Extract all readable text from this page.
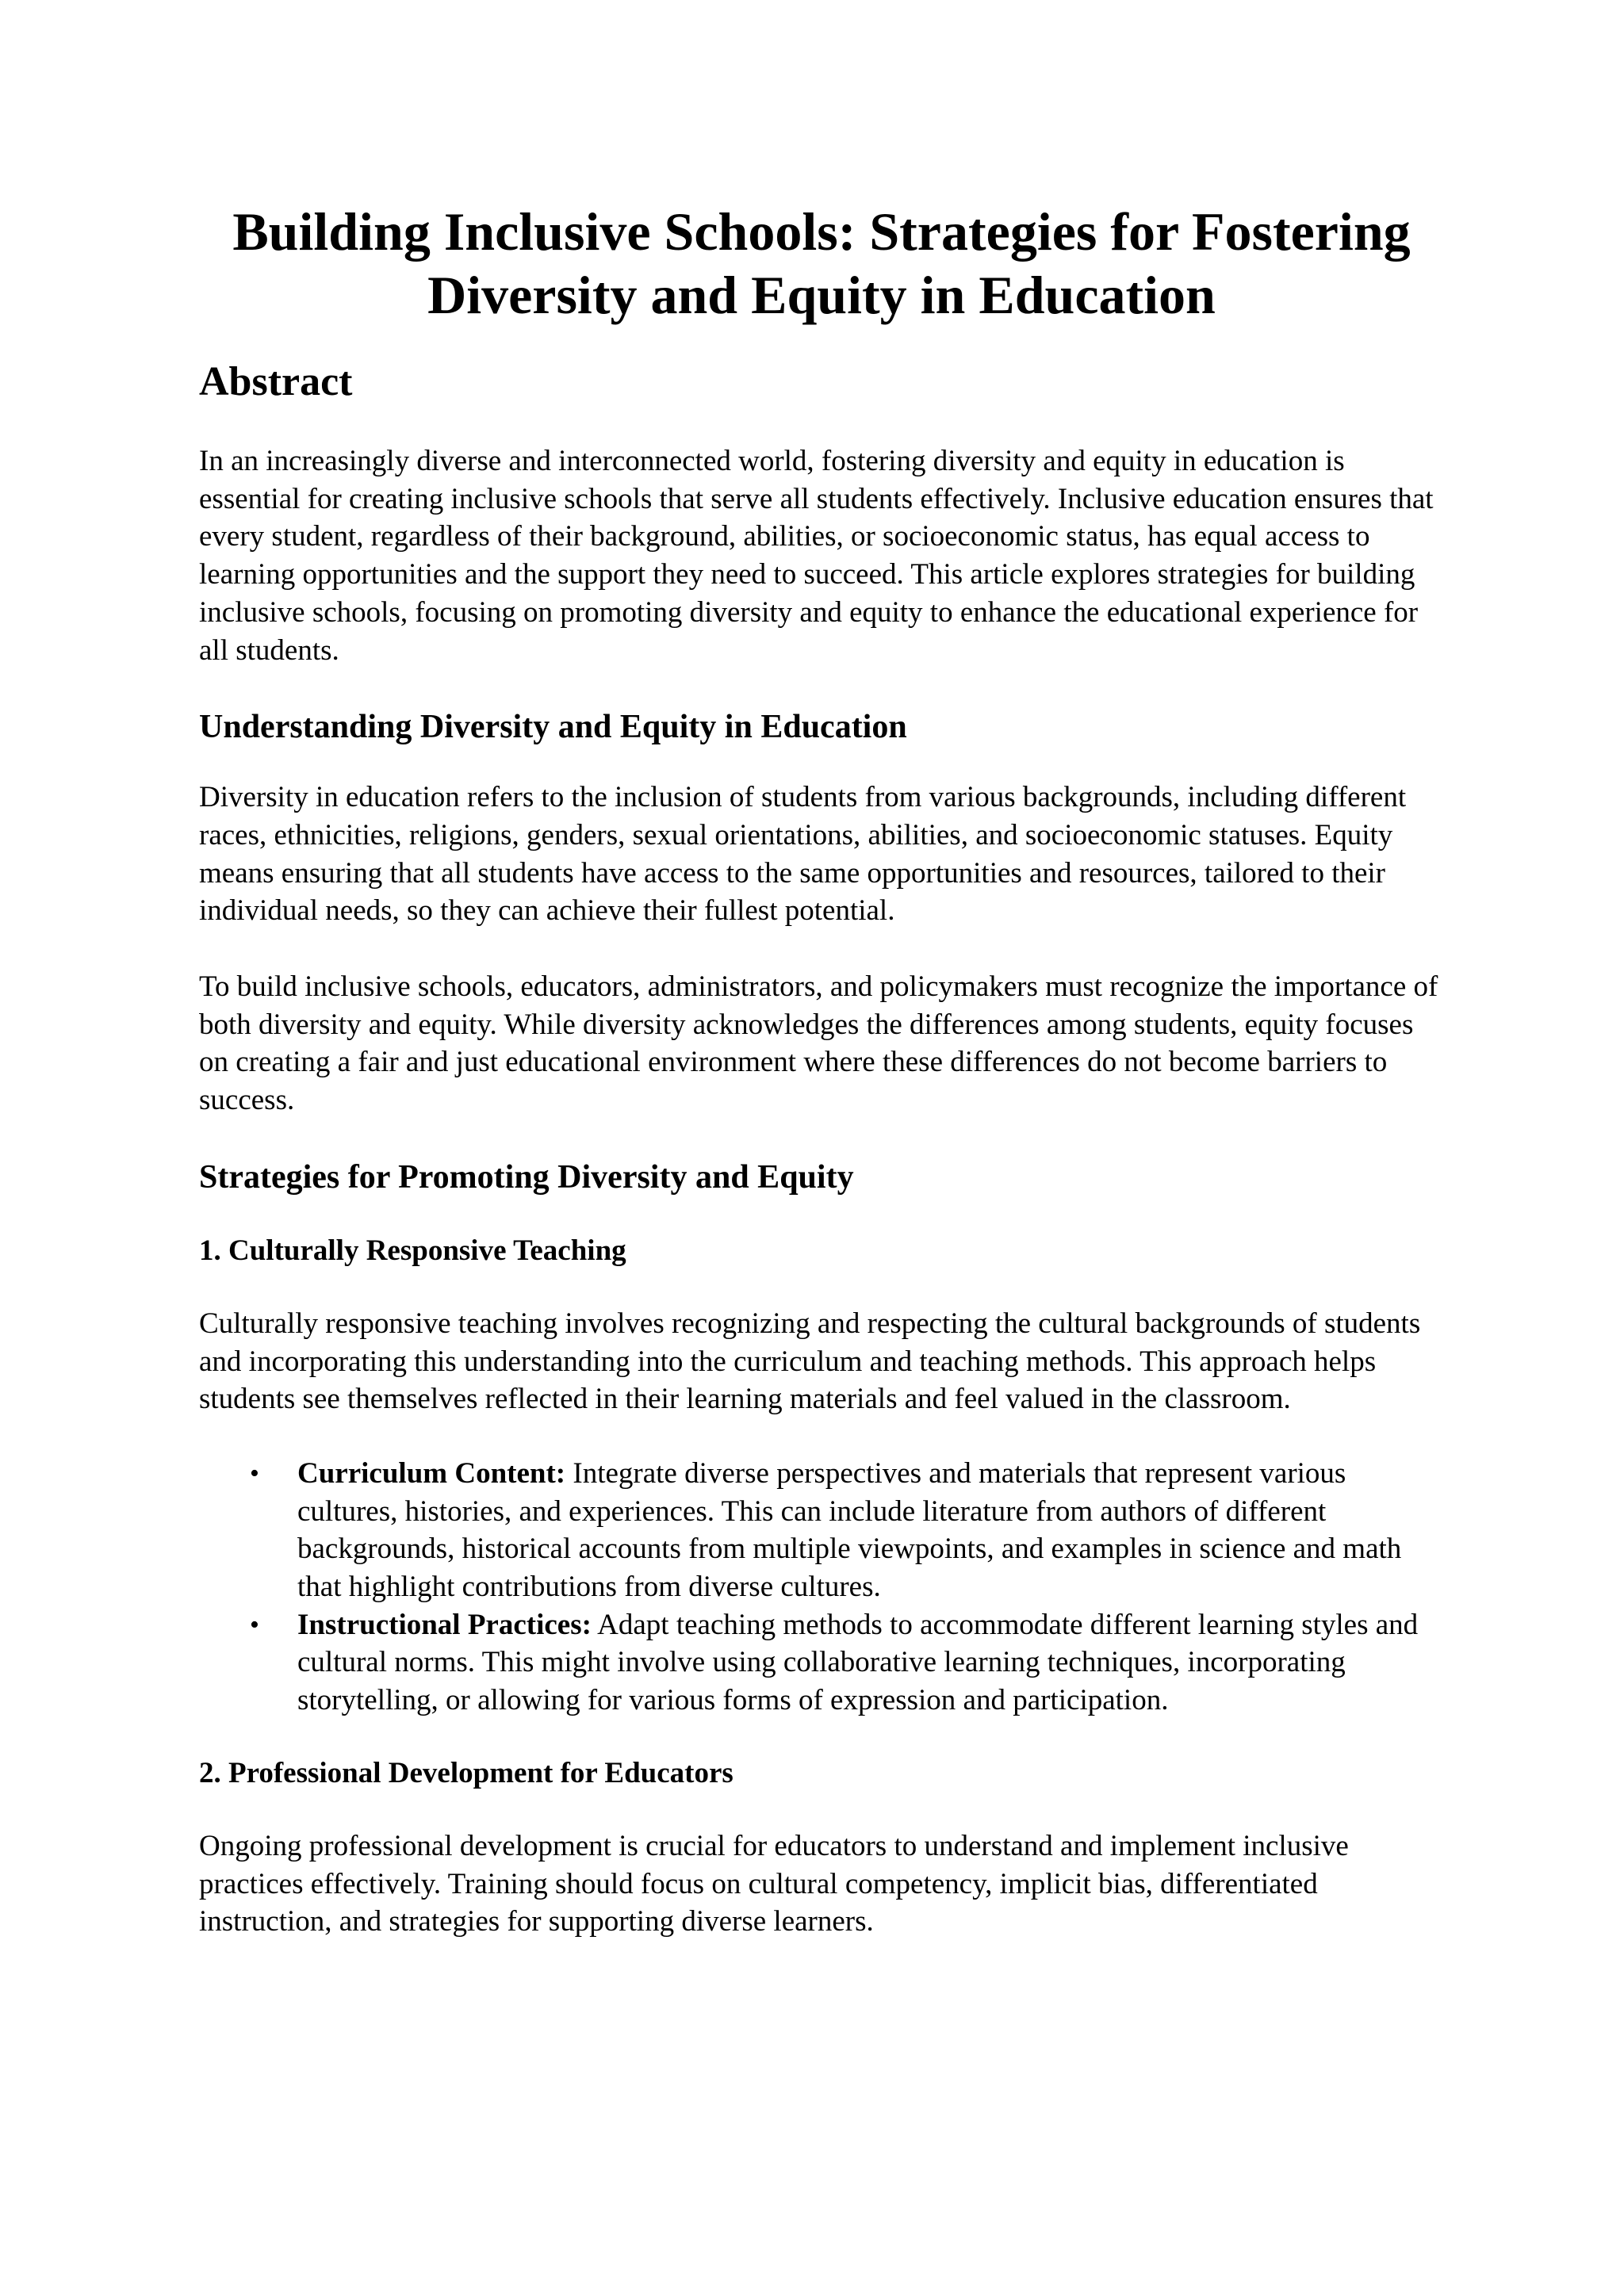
Building Inclusive Schools: Strategies for Fostering Diversity and Equity in Education
Abstract

In an increasingly diverse and interconnected world, fostering diversity and equity in education is essential for creating inclusive schools that serve all students effectively. Inclusive education ensures that every student, regardless of their background, abilities, or socioeconomic status, has equal access to learning opportunities and the support they need to succeed. This article explores strategies for building inclusive schools, focusing on promoting diversity and equity to enhance the educational experience for all students.

Understanding Diversity and Equity in Education

Diversity in education refers to the inclusion of students from various backgrounds, including different races, ethnicities, religions, genders, sexual orientations, abilities, and socioeconomic statuses. Equity means ensuring that all students have access to the same opportunities and resources, tailored to their individual needs, so they can achieve their fullest potential.

To build inclusive schools, educators, administrators, and policymakers must recognize the importance of both diversity and equity. While diversity acknowledges the differences among students, equity focuses on creating a fair and just educational environment where these differences do not become barriers to success.

Strategies for Promoting Diversity and Equity
1. Culturally Responsive Teaching

Culturally responsive teaching involves recognizing and respecting the cultural backgrounds of students and incorporating this understanding into the curriculum and teaching methods. This approach helps students see themselves reflected in their learning materials and feel valued in the classroom.

• Curriculum Content: Integrate diverse perspectives and materials that represent various cultures, histories, and experiences. This can include literature from authors of different backgrounds, historical accounts from multiple viewpoints, and examples in science and math that highlight contributions from diverse cultures.
• Instructional Practices: Adapt teaching methods to accommodate different learning styles and cultural norms. This might involve using collaborative learning techniques, incorporating storytelling, or allowing for various forms of expression and participation.
2. Professional Development for Educators

Ongoing professional development is crucial for educators to understand and implement inclusive practices effectively. Training should focus on cultural competency, implicit bias, differentiated instruction, and strategies for supporting diverse learners.
